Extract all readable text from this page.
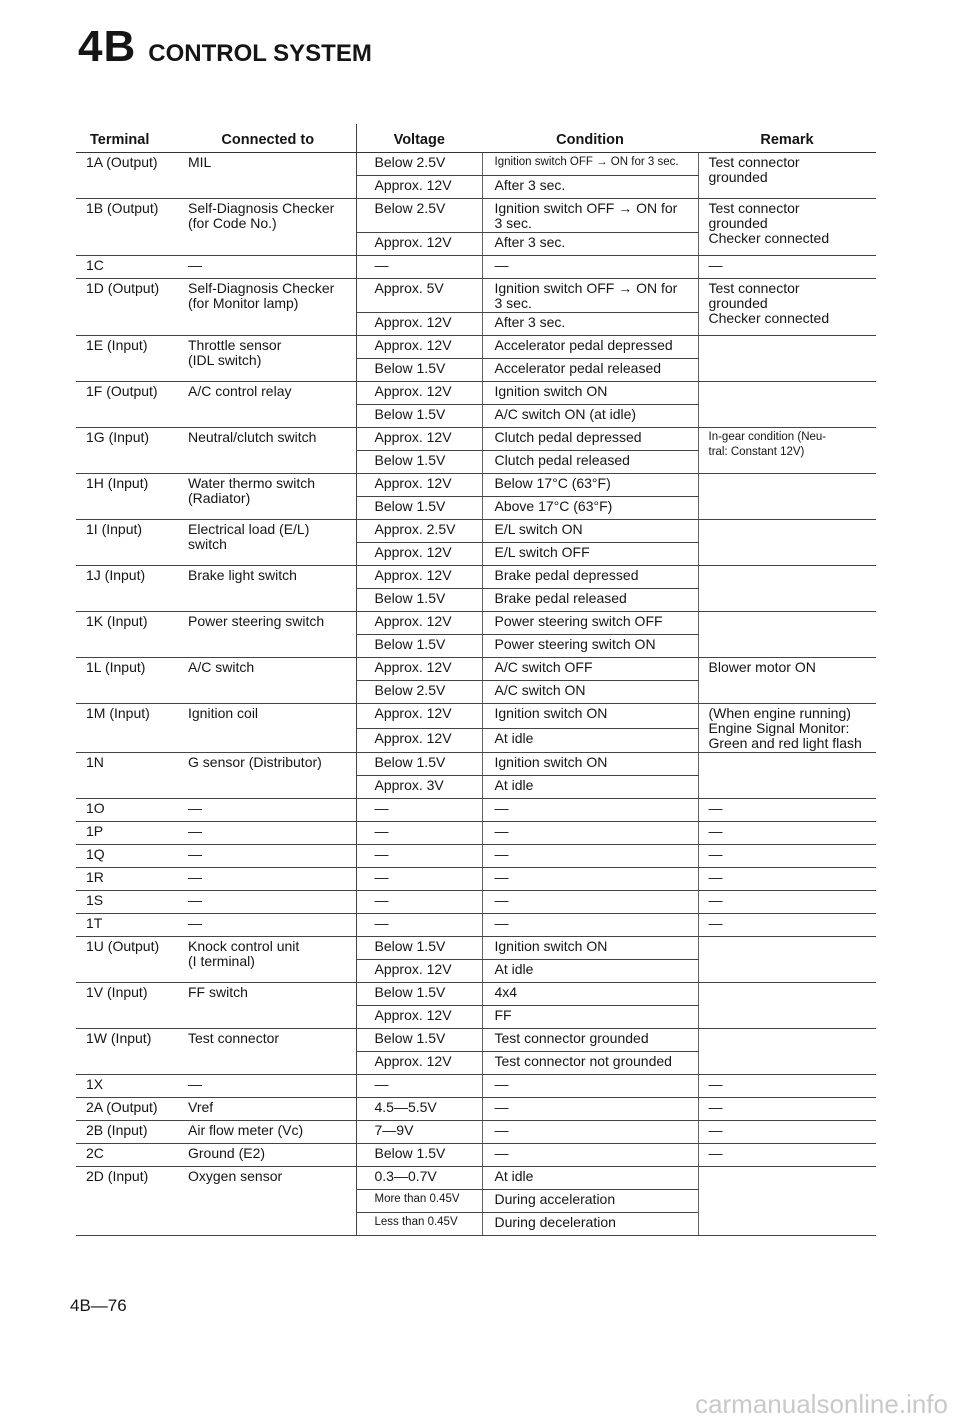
4B CONTROL SYSTEM
Terminal	Connected to	Voltage	Condition	Remark
1A (Output)	MIL	Below 2.5V	Ignition switch OFF → ON for 3 sec.	Test connector
grounded
		Approx. 12V	After 3 sec.	
1B (Output)	Self-Diagnosis Checker
(for Code No.)	Below 2.5V	Ignition switch OFF → ON for
3 sec.	Test connector
grounded
Checker connected
		Approx. 12V	After 3 sec.	
1C	—	—	—	—
1D (Output)	Self-Diagnosis Checker
(for Monitor lamp)	Approx. 5V	Ignition switch OFF → ON for
3 sec.	Test connector
grounded
Checker connected
		Approx. 12V	After 3 sec.	
1E (Input)	Throttle sensor
(IDL switch)	Approx. 12V	Accelerator pedal depressed	
		Below 1.5V	Accelerator pedal released	
1F (Output)	A/C control relay	Approx. 12V	Ignition switch ON	
		Below 1.5V	A/C switch ON (at idle)	
1G (Input)	Neutral/clutch switch	Approx. 12V	Clutch pedal depressed	In-gear condition (Neu-
tral: Constant 12V)
		Below 1.5V	Clutch pedal released	
1H (Input)	Water thermo switch
(Radiator)	Approx. 12V	Below 17°C (63°F)	
		Below 1.5V	Above 17°C (63°F)	
1I (Input)	Electrical load (E/L)
switch	Approx. 2.5V	E/L switch ON	
		Approx. 12V	E/L switch OFF	
1J (Input)	Brake light switch	Approx. 12V	Brake pedal depressed	
		Below 1.5V	Brake pedal released	
1K (Input)	Power steering switch	Approx. 12V	Power steering switch OFF	
		Below 1.5V	Power steering switch ON	
1L (Input)	A/C switch	Approx. 12V	A/C switch OFF	Blower motor ON
		Below 2.5V	A/C switch ON	
1M (Input)	Ignition coil	Approx. 12V	Ignition switch ON	(When engine running)
Engine Signal Monitor:
Green and red light flash
		Approx. 12V	At idle	
1N	G sensor (Distributor)	Below 1.5V	Ignition switch ON	
		Approx. 3V	At idle	
1O	—	—	—	—
1P	—	—	—	—
1Q	—	—	—	—
1R	—	—	—	—
1S	—	—	—	—
1T	—	—	—	—
1U (Output)	Knock control unit
(I terminal)	Below 1.5V	Ignition switch ON	
		Approx. 12V	At idle	
1V (Input)	FF switch	Below 1.5V	4x4	
		Approx. 12V	FF	
1W (Input)	Test connector	Below 1.5V	Test connector grounded	
		Approx. 12V	Test connector not grounded	
1X	—	—	—	—
2A (Output)	Vref	4.5—5.5V	—	—
2B (Input)	Air flow meter (Vc)	7—9V	—	—
2C	Ground (E2)	Below 1.5V	—	—
2D (Input)	Oxygen sensor	0.3—0.7V	At idle	
		More than 0.45V	During acceleration	
		Less than 0.45V	During deceleration	
4B—76
carmanualsonline.info
